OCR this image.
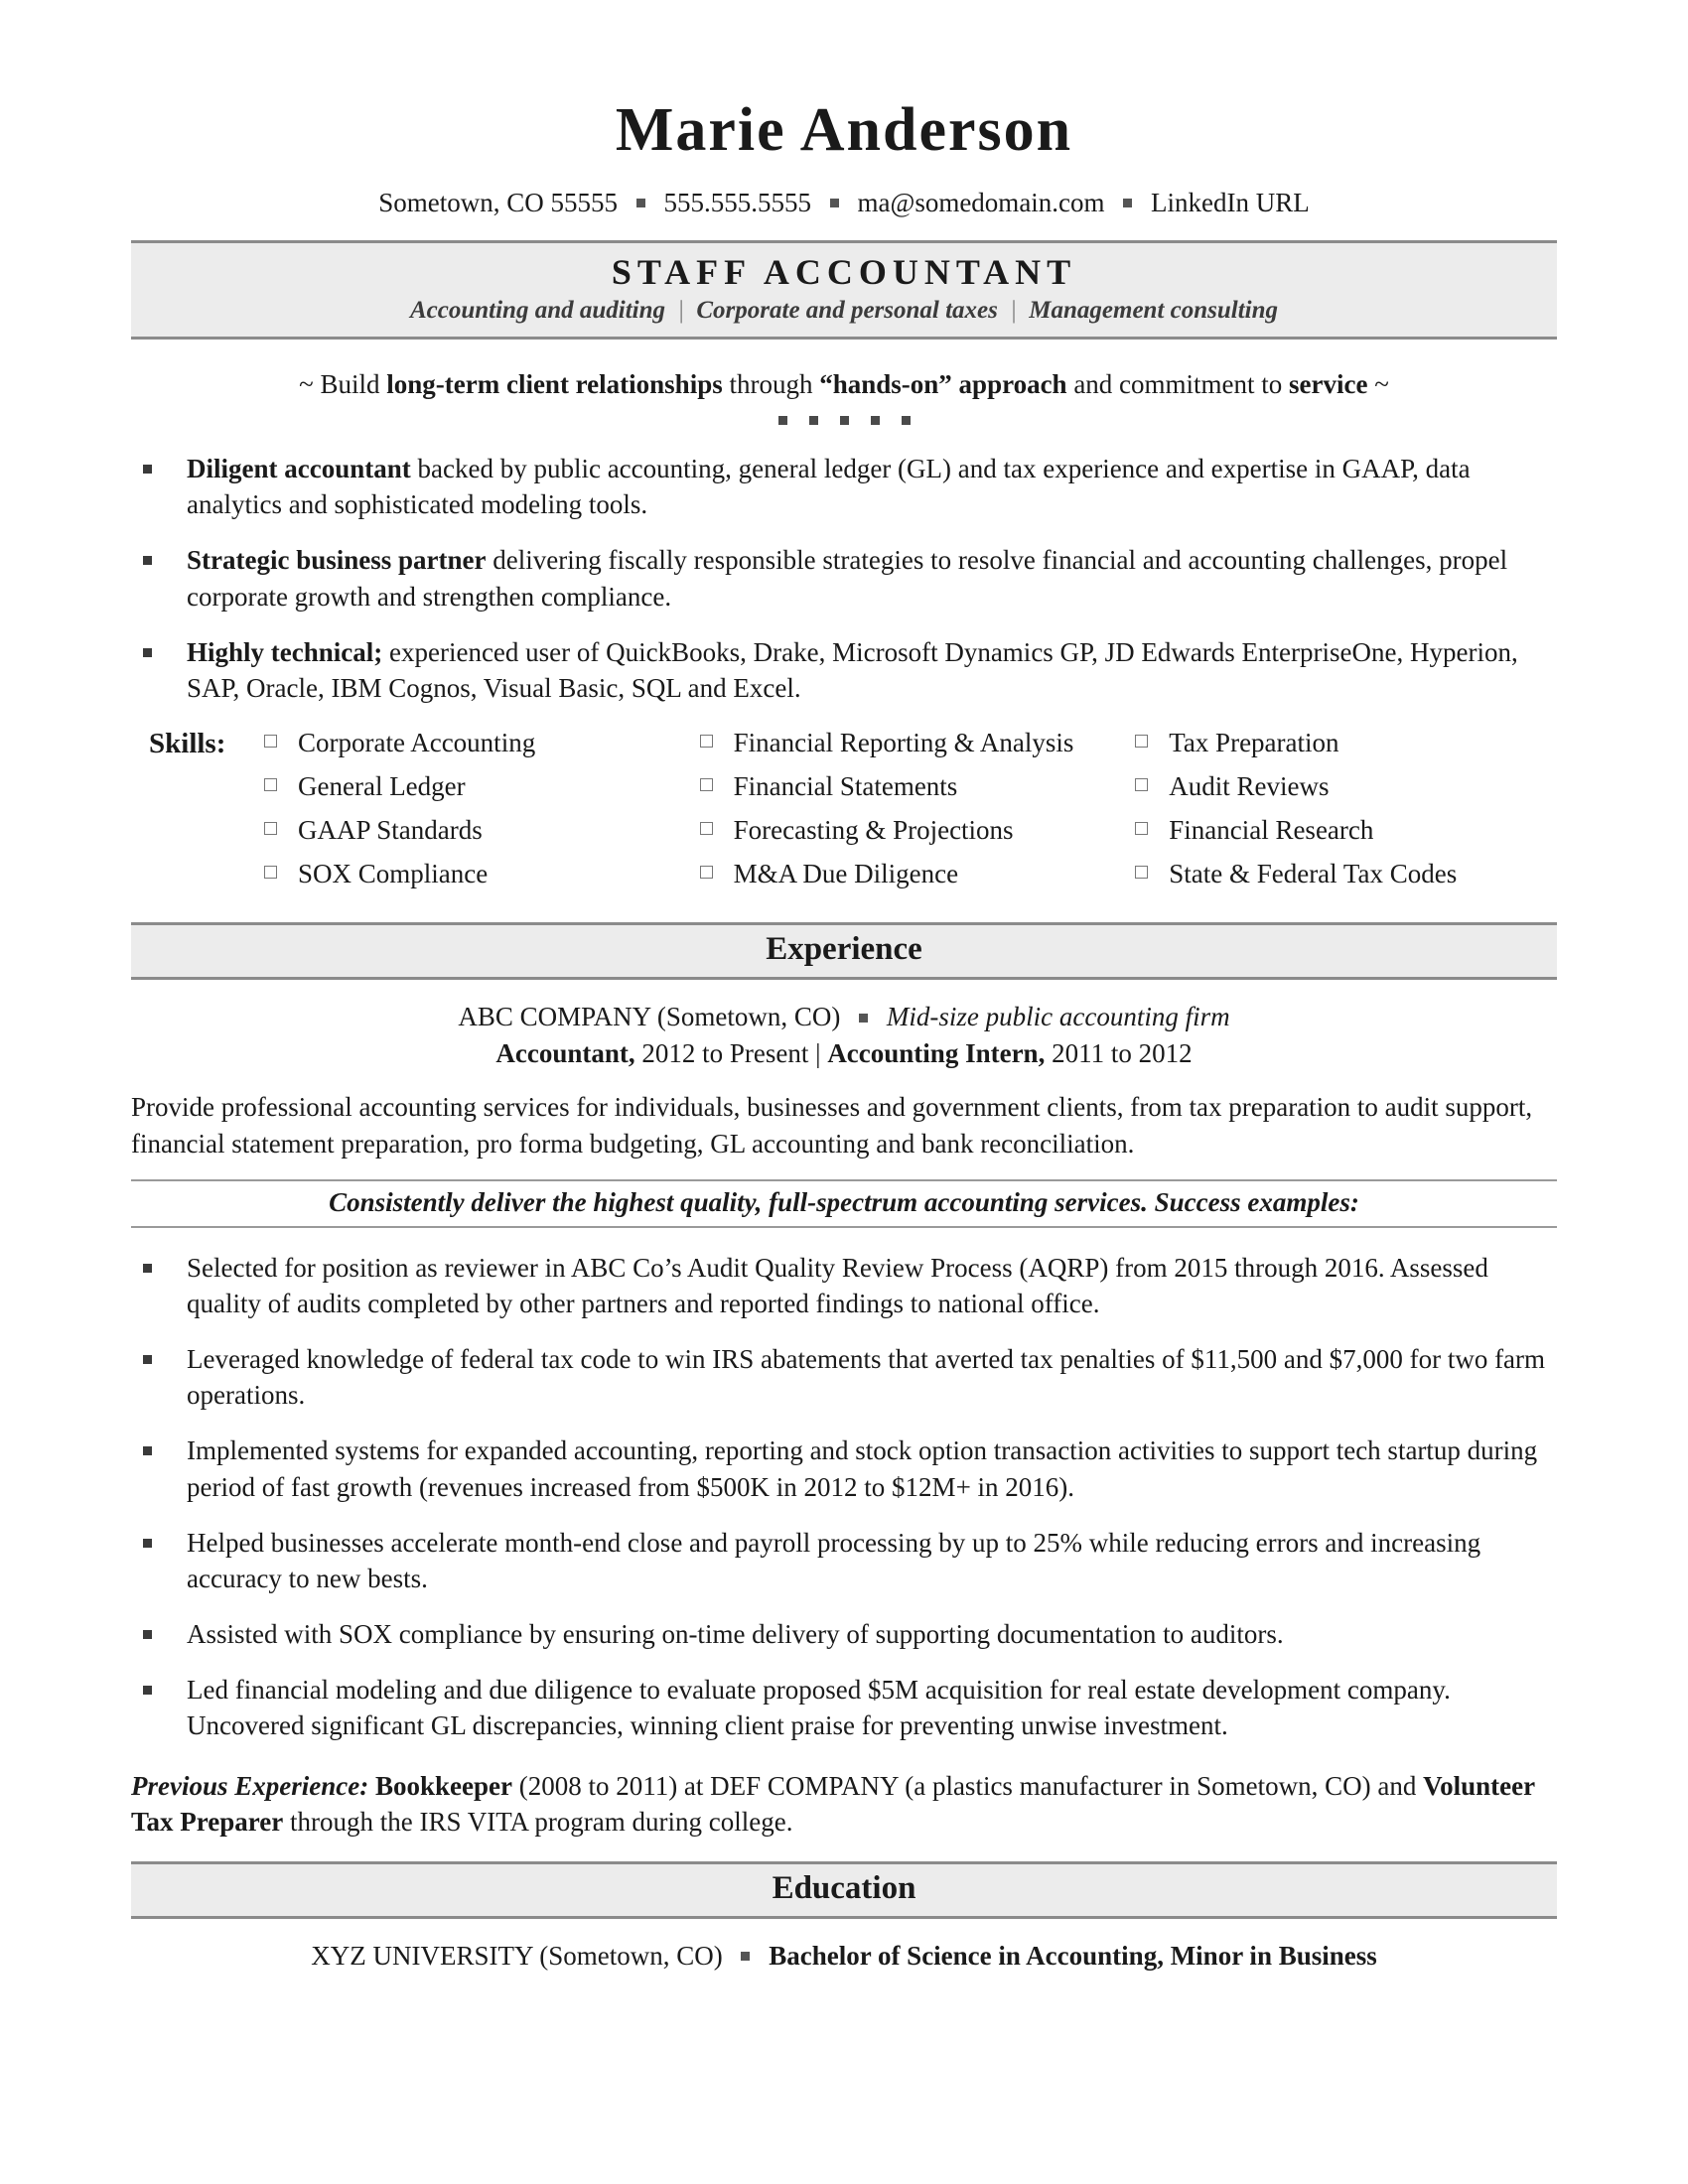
Marie Anderson
Sometown, CO 55555 555.555.5555 ma@somedomain.com LinkedIn URL
STAFF ACCOUNTANT
Accounting and auditing | Corporate and personal taxes | Management consulting
~ Build long-term client relationships through “hands-on” approach and commitment to service ~

Diligent accountant backed by public accounting, general ledger (GL) and tax experience and expertise in GAAP, data analytics and sophisticated modeling tools.
Strategic business partner delivering fiscally responsible strategies to resolve financial and accounting challenges, propel corporate growth and strengthen compliance.
Highly technical; experienced user of QuickBooks, Drake, Microsoft Dynamics GP, JD Edwards EnterpriseOne, Hyperion, SAP, Oracle, IBM Cognos, Visual Basic, SQL and Excel.
Skills:	Corporate Accounting
General Ledger
GAAP Standards
SOX Compliance
Financial Reporting & Analysis
Financial Statements
Forecasting & Projections
M&A Due Diligence
Tax Preparation
Audit Reviews
Financial Research
State & Federal Tax Codes
Experience
ABC COMPANY (Sometown, CO) Mid-size public accounting firm
Accountant, 2012 to Present | Accounting Intern, 2011 to 2012
Provide professional accounting services for individuals, businesses and government clients, from tax preparation to audit support, financial statement preparation, pro forma budgeting, GL accounting and bank reconciliation.
Consistently deliver the highest quality, full-spectrum accounting services. Success examples:
Selected for position as reviewer in ABC Co’s Audit Quality Review Process (AQRP) from 2015 through 2016. Assessed quality of audits completed by other partners and reported findings to national office.
Leveraged knowledge of federal tax code to win IRS abatements that averted tax penalties of $11,500 and $7,000 for two farm operations.
Implemented systems for expanded accounting, reporting and stock option transaction activities to support tech startup during period of fast growth (revenues increased from $500K in 2012 to $12M+ in 2016).
Helped businesses accelerate month-end close and payroll processing by up to 25% while reducing errors and increasing accuracy to new bests.
Assisted with SOX compliance by ensuring on-time delivery of supporting documentation to auditors.
Led financial modeling and due diligence to evaluate proposed $5M acquisition for real estate development company. Uncovered significant GL discrepancies, winning client praise for preventing unwise investment.
Previous Experience: Bookkeeper (2008 to 2011) at DEF COMPANY (a plastics manufacturer in Sometown, CO) and Volunteer Tax Preparer through the IRS VITA program during college.
Education
XYZ UNIVERSITY (Sometown, CO) Bachelor of Science in Accounting, Minor in Business
